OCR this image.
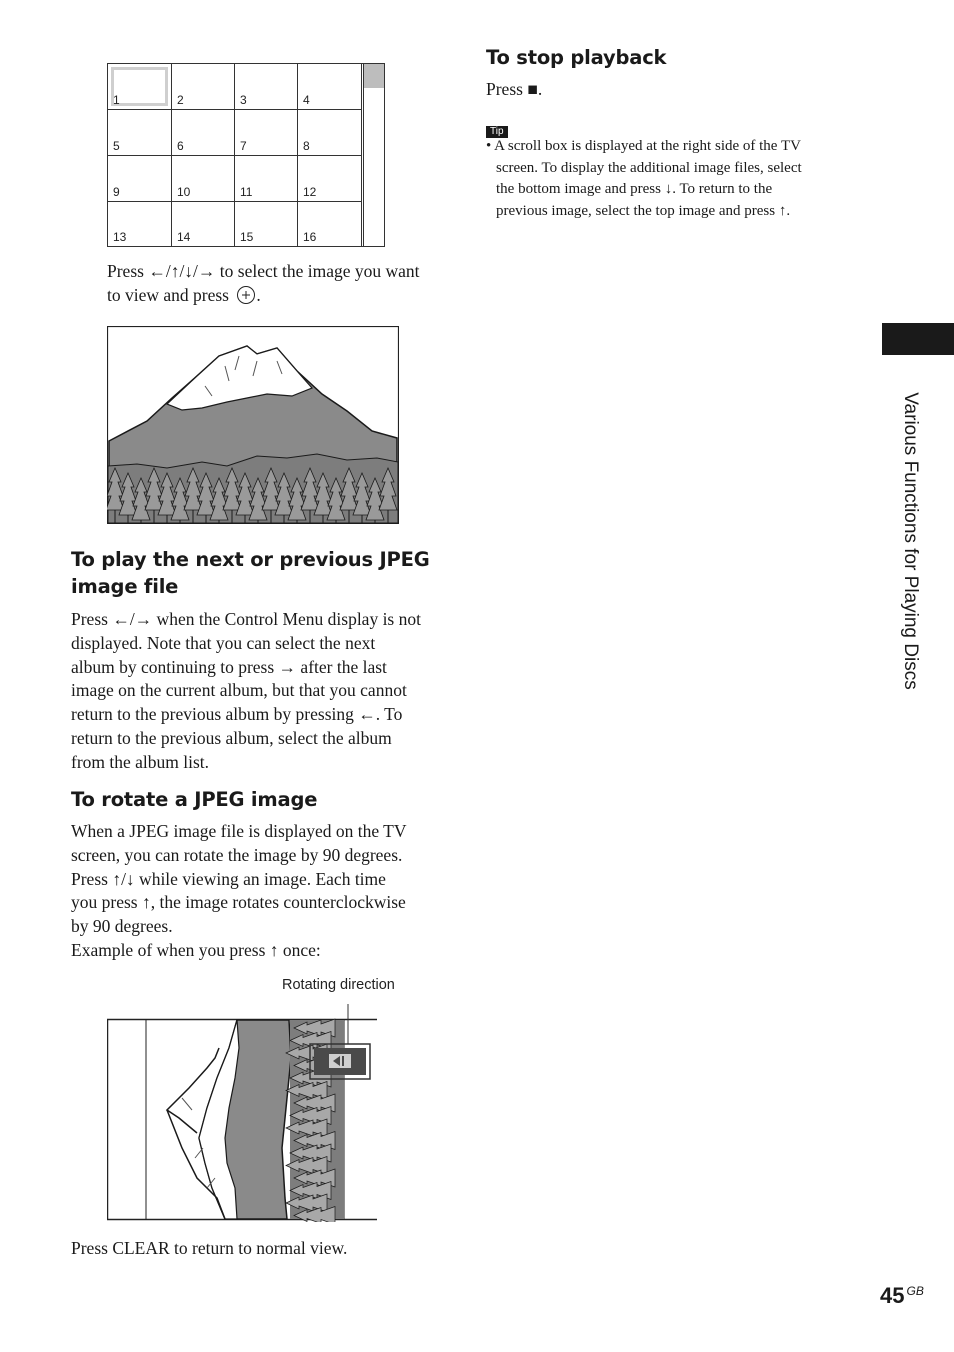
1	2	3	4
5	6	7	8
9	10	11	12
13	14	15	16
Press ←/↑/↓/→ to select the image you want
to view and press .
To play the next or previous JPEG
image file
Press ←/→ when the Control Menu display is not
displayed. Note that you can select the next
album by continuing to press → after the last
image on the current album, but that you cannot
return to the previous album by pressing ←. To
return to the previous album, select the album
from the album list.
To rotate a JPEG image
When a JPEG image file is displayed on the TV
screen, you can rotate the image by 90 degrees.
Press ↑/↓ while viewing an image. Each time
you press ↑, the image rotates counterclockwise
by 90 degrees.
Example of when you press ↑ once:
Rotating direction
Press CLEAR to return to normal view.
To stop playback
Press ■.
Tip
• A scroll box is displayed at the right side of the TV
screen. To display the additional image files, select
the bottom image and press ↓. To return to the
previous image, select the top image and press ↑.
Various Functions for Playing Discs
45 $^{GB}$
